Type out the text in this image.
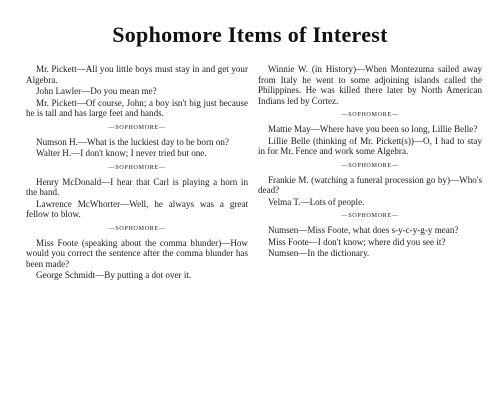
Sophomore Items of Interest

Mr. Pickett—All you little boys must stay in and get your Algebra.

John Lawler—Do you mean me?

Mr. Pickett—Of course, John; a boy isn't big just because he is tall and has large feet and hands.

—SOPHOMORE—

Numson H.—What is the luckiest day to be born on?

Walter H.—I don't know; I never tried but one.

—SOPHOMORE—

Henry McDonald—I hear that Carl is playing a horn in the band.

Lawrence McWhorter—Well, he always was a great fellow to blow.

—SOPHOMORE—

Miss Foote (speaking about the comma blunder)—How would you correct the sentence after the comma blunder has been made?

George Schmidt—By putting a dot over it.

Winnie W. (in History)—When Montezuma sailed away from Italy he went to some adjoining islands called the Philippines. He was killed there later by North American Indians led by Cortez.

—SOPHOMORE—

Mattie May—Where have you been so long, Lillie Belle?

Lillie Belle (thinking of Mr. Pickett(s))—O, I had to stay in for Mr. Fence and work some Algebra.

—SOPHOMORE—

Frankie M. (watching a funeral procession go by)—Who's dead?

Velma T.—Lots of people.

—SOPHOMORE—

Numsen—Miss Foote, what does s-y-c-y-g-y mean?

Miss Foote—I don't know; where did you see it?

Numsen—In the dictionary.
